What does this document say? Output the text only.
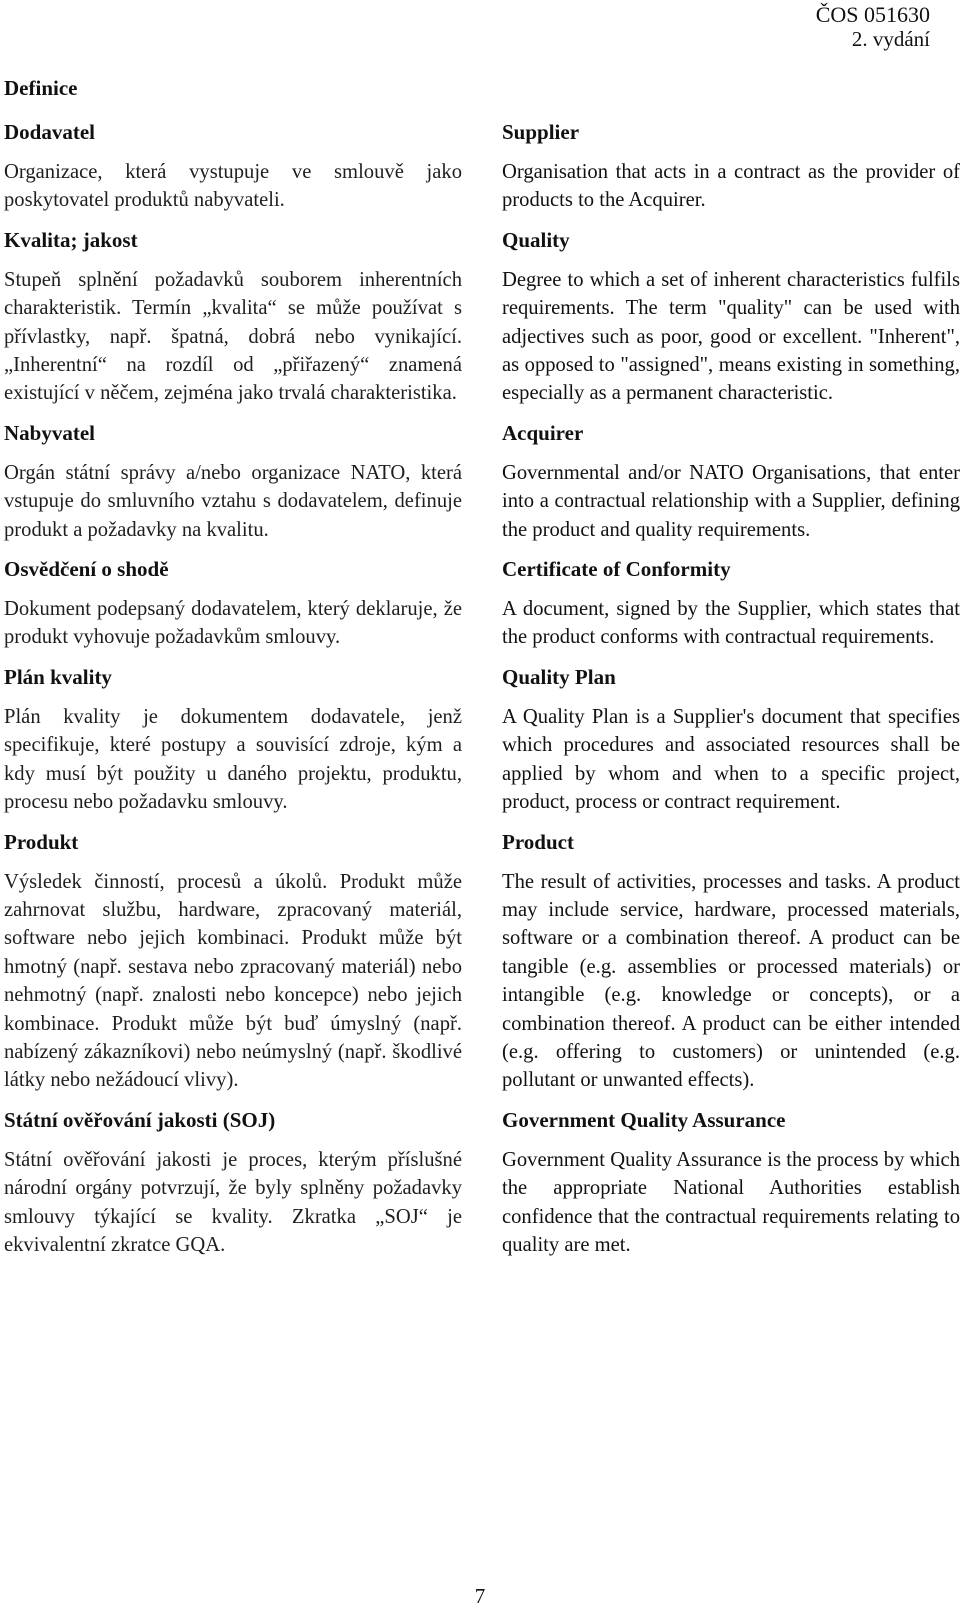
ČOS 051630
2. vydání
Definice

Dodavatel

Organizace, která vystupuje ve smlouvě jako poskytovatel produktů nabyvateli.

Kvalita; jakost

Stupeň splnění požadavků souborem inherentních charakteristik. Termín „kvalita“ se může používat s přívlastky, např. špatná, dobrá nebo vynikající. „Inherentní“ na rozdíl od „přiřazený“ znamená existující v něčem, zejména jako trvalá charakteristika.

Nabyvatel

Orgán státní správy a/nebo organizace NATO, která vstupuje do smluvního vztahu s dodavatelem, definuje produkt a požadavky na kvalitu.

Osvědčení o shodě

Dokument podepsaný dodavatelem, který deklaruje, že produkt vyhovuje požadavkům smlouvy.

Plán kvality

Plán kvality je dokumentem dodavatele, jenž specifikuje, které postupy a souvisící zdroje, kým a kdy musí být použity u daného projektu, produktu, procesu nebo požadavku smlouvy.

Produkt

Výsledek činností, procesů a úkolů. Produkt může zahrnovat službu, hardware, zpracovaný materiál, software nebo jejich kombinaci. Produkt může být hmotný (např. sestava nebo zpracovaný materiál) nebo nehmotný (např. znalosti nebo koncepce) nebo jejich kombinace. Produkt může být buď úmyslný (např. nabízený zákazníkovi) nebo neúmyslný (např. škodlivé látky nebo nežádoucí vlivy).

Státní ověřování jakosti (SOJ)

Státní ověřování jakosti je proces, kterým příslušné národní orgány potvrzují, že byly splněny požadavky smlouvy týkající se kvality. Zkratka „SOJ“ je ekvivalentní zkratce GQA.

Supplier

Organisation that acts in a contract as the provider of products to the Acquirer.

Quality

Degree to which a set of inherent characteristics fulfils requirements. The term "quality" can be used with adjectives such as poor, good or excellent. "Inherent", as opposed to "assigned", means existing in something, especially as a permanent characteristic.

Acquirer

Governmental and/or NATO Organisations, that enter into a contractual relationship with a Supplier, defining the product and quality requirements.

Certificate of Conformity

A document, signed by the Supplier, which states that the product conforms with contractual requirements.

Quality Plan

A Quality Plan is a Supplier's document that specifies which procedures and associated resources shall be applied by whom and when to a specific project, product, process or contract requirement.

Product

The result of activities, processes and tasks. A product may include service, hardware, processed materials, software or a combination thereof. A product can be tangible (e.g. assemblies or processed materials) or intangible (e.g. knowledge or concepts), or a combination thereof. A product can be either intended (e.g. offering to customers) or unintended (e.g. pollutant or unwanted effects).

Government Quality Assurance

Government Quality Assurance is the process by which the appropriate National Authorities establish confidence that the contractual requirements relating to quality are met.

7
